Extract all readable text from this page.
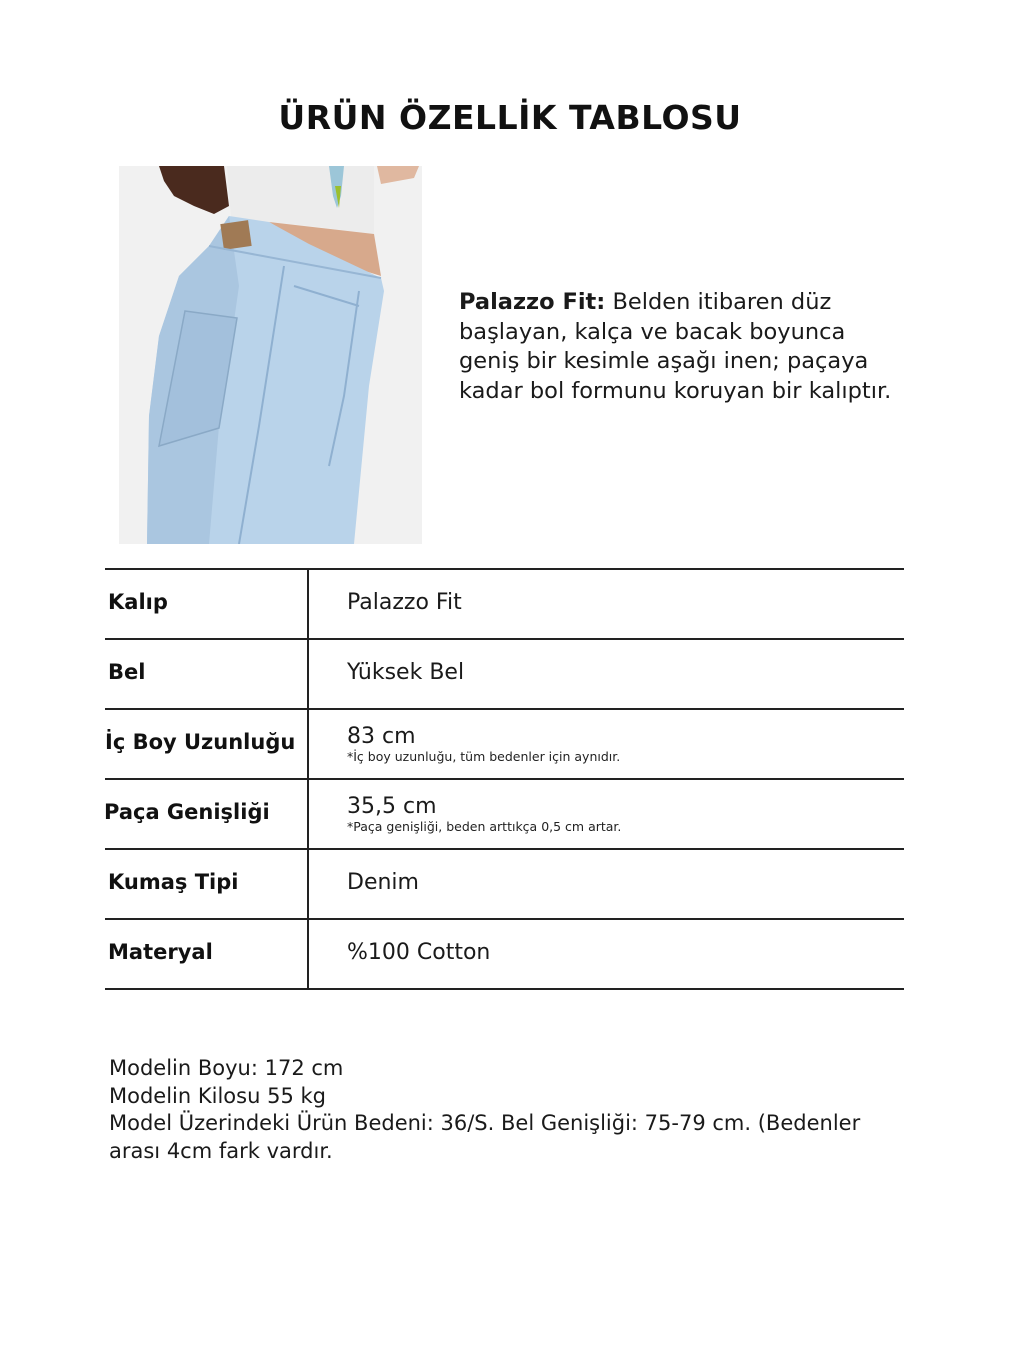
ÜRÜN ÖZELLİK TABLOSU
Palazzo Fit: Belden itibaren düz
başlayan, kalça ve bacak boyunca
geniş bir kesimle aşağı inen; paçaya
kadar bol formunu koruyan bir kalıptır.
Kalıp	Palazzo Fit
Bel	Yüksek Bel
İç Boy Uzunluğu 83 cm
*İç boy uzunluğu, tüm bedenler için aynıdır.
Paça Genişliği	35,5 cm
*Paça genişliği, beden arttıkça 0,5 cm artar.
Kumaş Tipi	Denim
Materyal	%100 Cotton
Modelin Boyu: 172 cm
Modelin Kilosu 55 kg
Model Üzerindeki Ürün Bedeni: 36/S. Bel Genişliği: 75-79 cm. (Bedenler
arası 4cm fark vardır.
